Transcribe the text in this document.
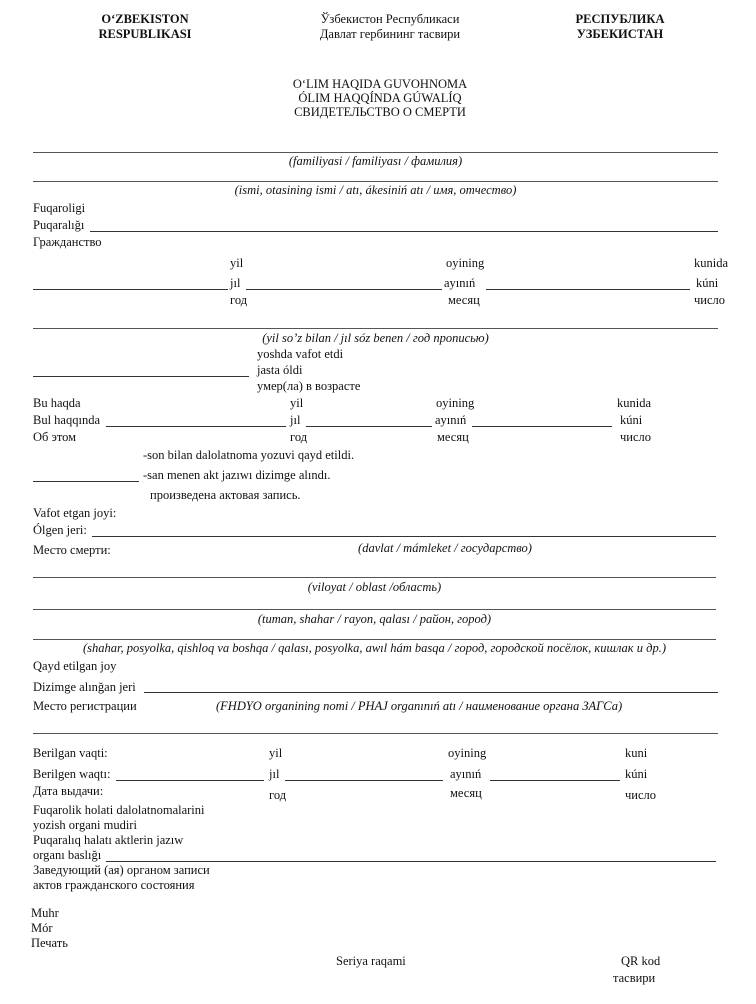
O‘ZBEKISTON
RESPUBLIKASI
Ўзбекистон Республикаси
Давлат гербининг тасвири
РЕСПУБЛИКА
УЗБЕКИСТАН
O‘LIM HAQIDA GUVOHNOMA
ÓLIM HAQQÍNDA GÚWALÍQ
СВИДЕТЕЛЬСТВО О СМЕРТИ
(familiyasi / familiyası / фамилия)
(ismi, otasining ismi / atı, ákesiniń atı / имя, отчество)
Fuqaroligi
Puqaralığı
Гражданство
yil	oyining	kunida
jıl	ayınıń	kúni
год	месяц	число
(yil so’z bilan / jıl sóz benen / год прописью)
yoshda vafot etdi
jasta óldi
умер(ла) в возрасте
Bu haqda	yil	oyining	kunida
Bul haqqında	jıl	ayınıń	kúni
Об этом	год	месяц	число
-son bilan dalolatnoma yozuvi qayd etildi.
-san menen akt jazıwı dizimge alındı.
произведена актовая запись.
Vafot etgan joyi:
Ólgen jeri:
Место смерти:	(davlat / mámleket / государство)
(viloyat / oblast /область)
(tuman, shahar / rayon, qalası / район, город)
(shahar, posyolka, qishloq va boshqa / qalası, posyolka, awıl hám basqa / город, городской посёлок, кишлак и др.)
Qayd etilgan joy
Dizimge alınğan jeri
Место регистрации	(FHDYO organining nomi / PHAJ organınıń atı / наименование органа ЗАГСа)
Berilgan vaqti:	yil	oyining	kuni
Berilgen waqtı:	jıl	ayınıń	kúni
Дата выдачи:	год	месяц	число
Fuqarolik holati dalolatnomalarini
yozish organi mudiri
Puqaralıq halatı aktlerin jazıw
organı baslığı
Заведующий (ая) органом записи
актов гражданского состояния
Muhr
Mór
Печать
Seriya raqami	QR kod
тасвири
